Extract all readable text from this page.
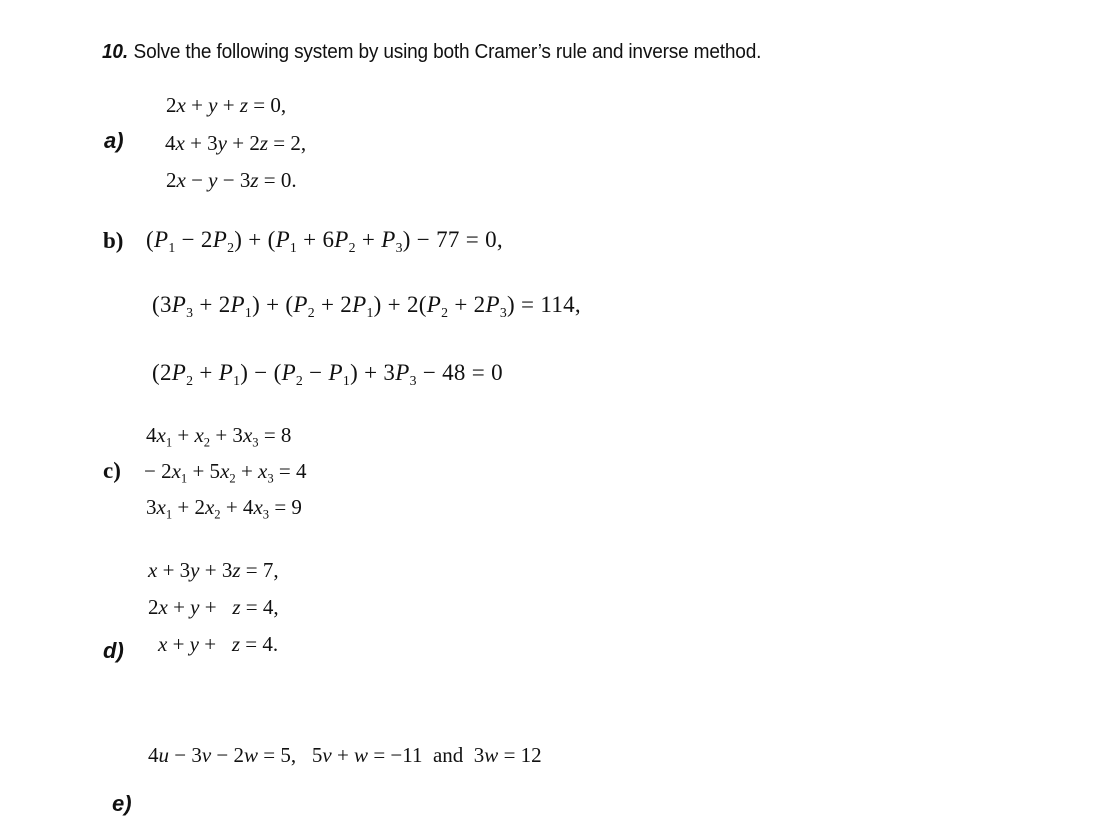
10. Solve the following system by using both Cramer’s rule and inverse method.
a)
2x + y + z = 0,
4x + 3y + 2z = 2,
2x − y − 3z = 0.
b) $(P_1 - 2P_2) + (P_1 + 6P_2 + P_3) - 77 = 0$,
$(3P_3 + 2P_1) + (P_2 + 2P_1) + 2(P_2 + 2P_3) = 114$,
$(2P_2 + P_1) - (P_2 - P_1) + 3P_3 - 48 = 0$
c)
$4x_1 + x_2 + 3x_3 = 8$
− $2x_1 + 5x_2 + x_3 = 4$
$3x_1 + 2x_2 + 4x_3 = 9$
d)
x + 3y + 3z = 7,
2x + y +   z = 4,
x + y +   z = 4.
4u − 3v − 2w = 5,   5v + w = −11  and  3w = 12
e)
